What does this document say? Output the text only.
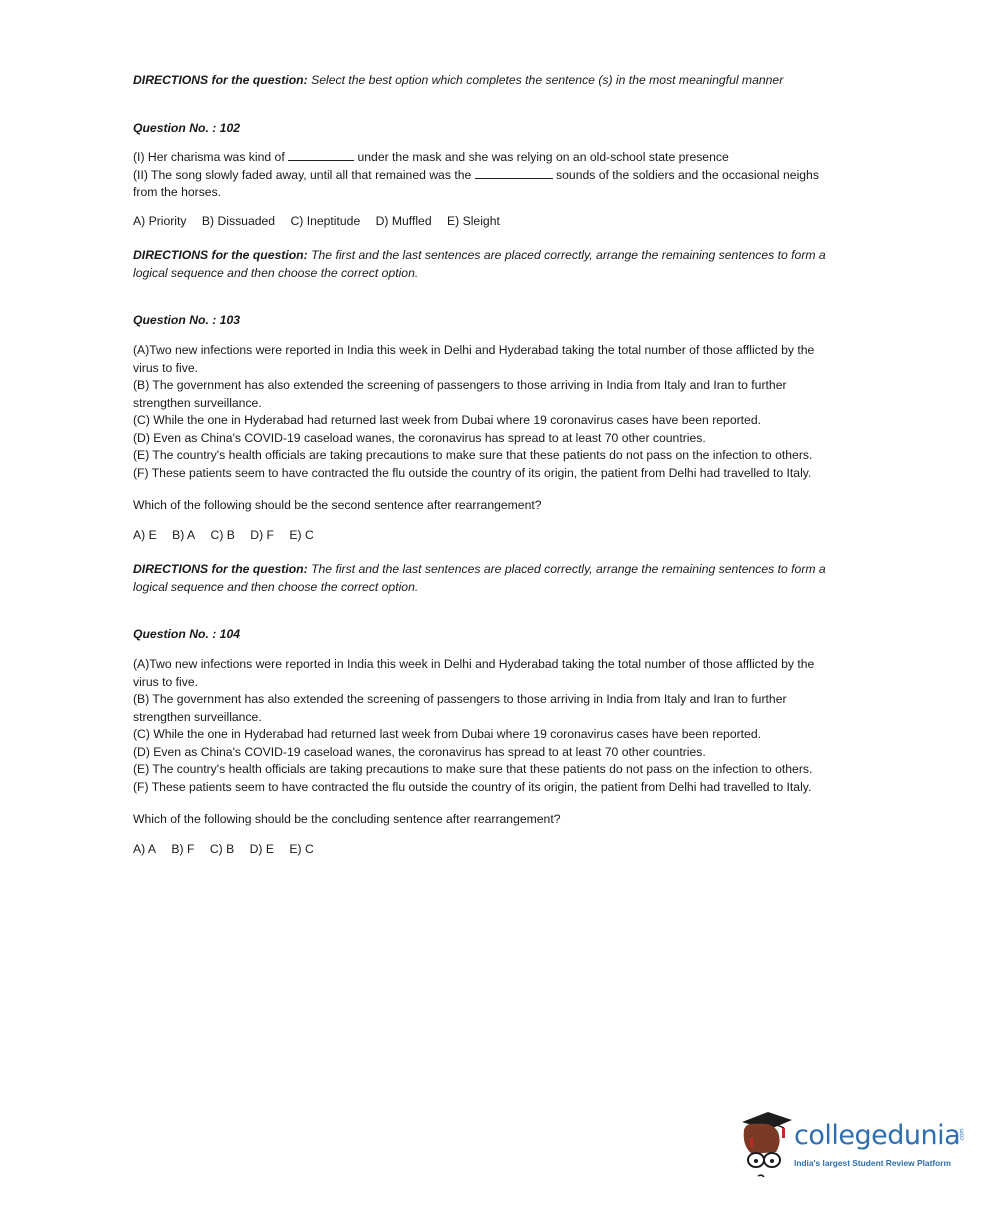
DIRECTIONS for the question: Select the best option which completes the sentence (s) in the most meaningful manner
Question No. : 102
(I) Her charisma was kind of	under the mask and she was relying on an old-school state presence
(II) The song slowly faded away, until all that remained was the	sounds of the soldiers and the occasional neighs
from the horses.
A) Priority B) Dissuaded C) Ineptitude D) Muffled E) Sleight
DIRECTIONS for the question: The first and the last sentences are placed correctly, arrange the remaining sentences to form a
logical sequence and then choose the correct option.
Question No. : 103
(A)Two new infections were reported in India this week in Delhi and Hyderabad taking the total number of those afflicted by the
virus to five.
(B) The government has also extended the screening of passengers to those arriving in India from Italy and Iran to further
strengthen surveillance.
(C) While the one in Hyderabad had returned last week from Dubai where 19 coronavirus cases have been reported.
(D) Even as China's COVID-19 caseload wanes, the coronavirus has spread to at least 70 other countries.
(E) The country's health officials are taking precautions to make sure that these patients do not pass on the infection to others.
(F) These patients seem to have contracted the flu outside the country of its origin, the patient from Delhi had travelled to Italy.
Which of the following should be the second sentence after rearrangement?
A) E B) A C) B D) F E) C
DIRECTIONS for the question: The first and the last sentences are placed correctly, arrange the remaining sentences to form a
logical sequence and then choose the correct option.
Question No. : 104
(A)Two new infections were reported in India this week in Delhi and Hyderabad taking the total number of those afflicted by the
virus to five.
(B) The government has also extended the screening of passengers to those arriving in India from Italy and Iran to further
strengthen surveillance.
(C) While the one in Hyderabad had returned last week from Dubai where 19 coronavirus cases have been reported.
(D) Even as China's COVID-19 caseload wanes, the coronavirus has spread to at least 70 other countries.
(E) The country's health officials are taking precautions to make sure that these patients do not pass on the infection to others.
(F) These patients seem to have contracted the flu outside the country of its origin, the patient from Delhi had travelled to Italy.
Which of the following should be the concluding sentence after rearrangement?
A) A B) F C) B D) E E) C
collegedunia .com
India's largest Student Review Platform
